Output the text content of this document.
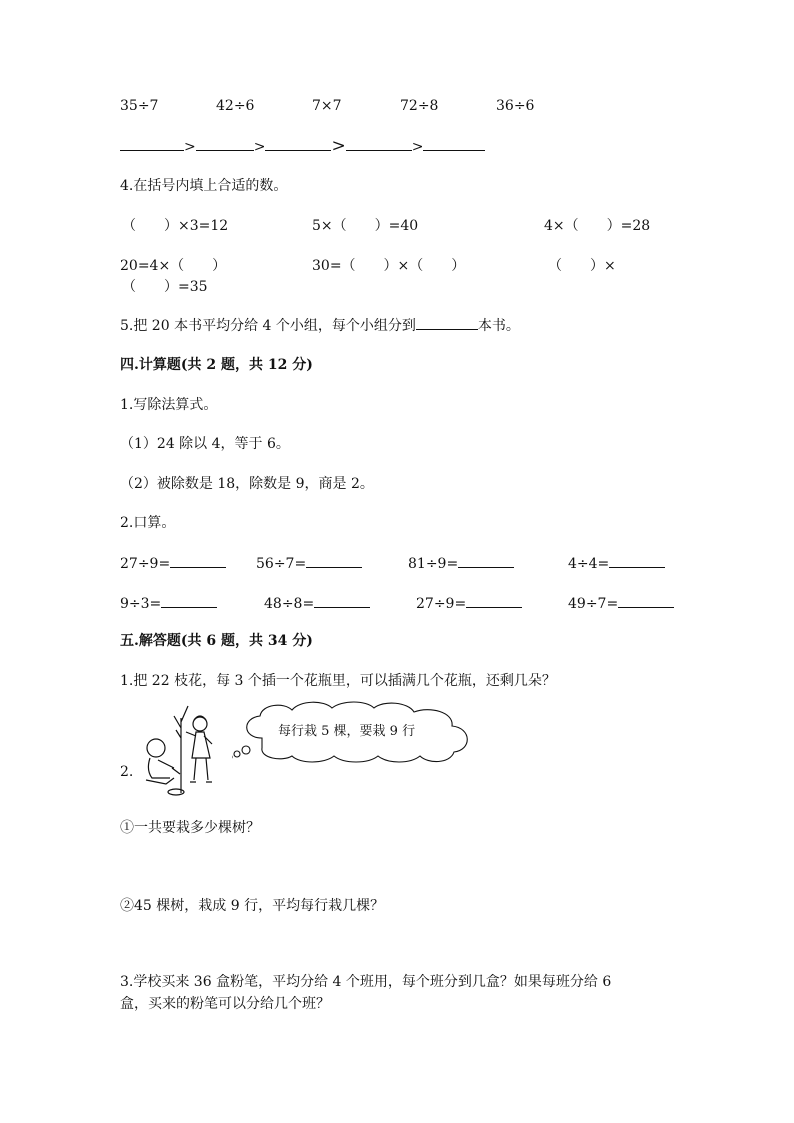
35÷7	42÷6	7×7	72÷8	36÷6
>	>	>	>
4.在括号内填上合适的数。
（　　）×3=12	5×（　　）=40	4×（　　）=28
20=4×（　　）	30=（　　）×（　　）	（　　）×
（　　）=35
5.把 20 本书平均分给 4 个小组，每个小组分到	本书。
四.计算题(共 2 题，共 12 分)
1.写除法算式。
（1）24 除以 4，等于 6。
（2）被除数是 18，除数是 9，商是 2。
2.口算。
27÷9=	56÷7=	81÷9=	4÷4=
9÷3=	48÷8=	27÷9=	49÷7=
五.解答题(共 6 题，共 34 分)
1.把 22 枝花，每 3 个插一个花瓶里，可以插满几个花瓶，还剩几朵？
2.
每行栽 5 棵，要栽 9 行
①一共要栽多少棵树？
②45 棵树，栽成 9 行，平均每行栽几棵？
3.学校买来 36 盒粉笔，平均分给 4 个班用，每个班分到几盒？如果每班分给 6
盒，买来的粉笔可以分给几个班？
